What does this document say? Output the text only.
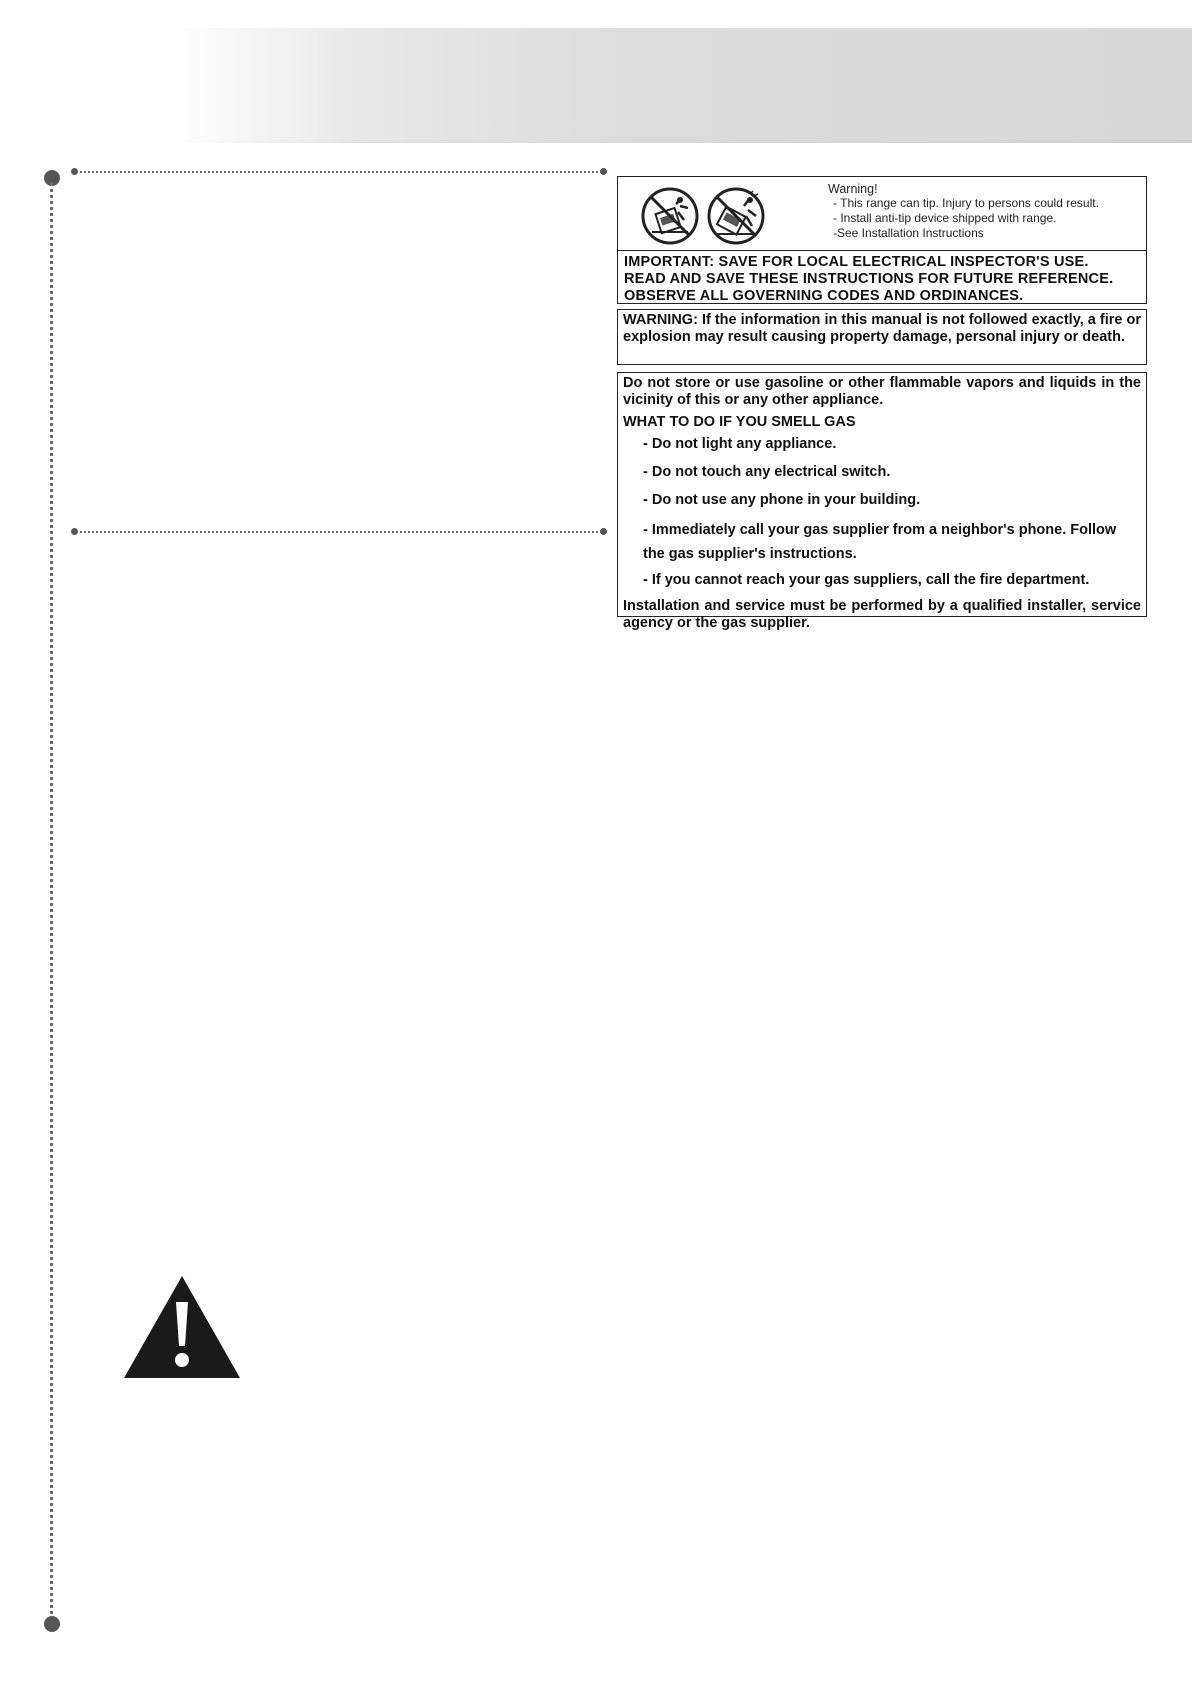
Warning!
- This range can tip. Injury to persons could result.
- Install anti-tip device shipped with range.
-See Installation Instructions
IMPORTANT: SAVE FOR LOCAL ELECTRICAL INSPECTOR'S USE.
READ AND SAVE THESE INSTRUCTIONS FOR FUTURE REFERENCE.
OBSERVE ALL GOVERNING CODES AND ORDINANCES.
WARNING: If the information in this manual is not followed exactly, a fire or explosion may result causing property damage, personal injury or death.

Do not store or use gasoline or other flammable vapors and liquids in the vicinity of this or any other appliance.

WHAT TO DO IF YOU SMELL GAS
- Do not light any appliance.
- Do not touch any electrical switch.
- Do not use any phone in your building.
- Immediately call your gas supplier from a neighbor's phone. Follow the gas supplier's instructions.
- If you cannot reach your gas suppliers, call the fire department.

Installation and service must be performed by a qualified installer, service agency or the gas supplier.
